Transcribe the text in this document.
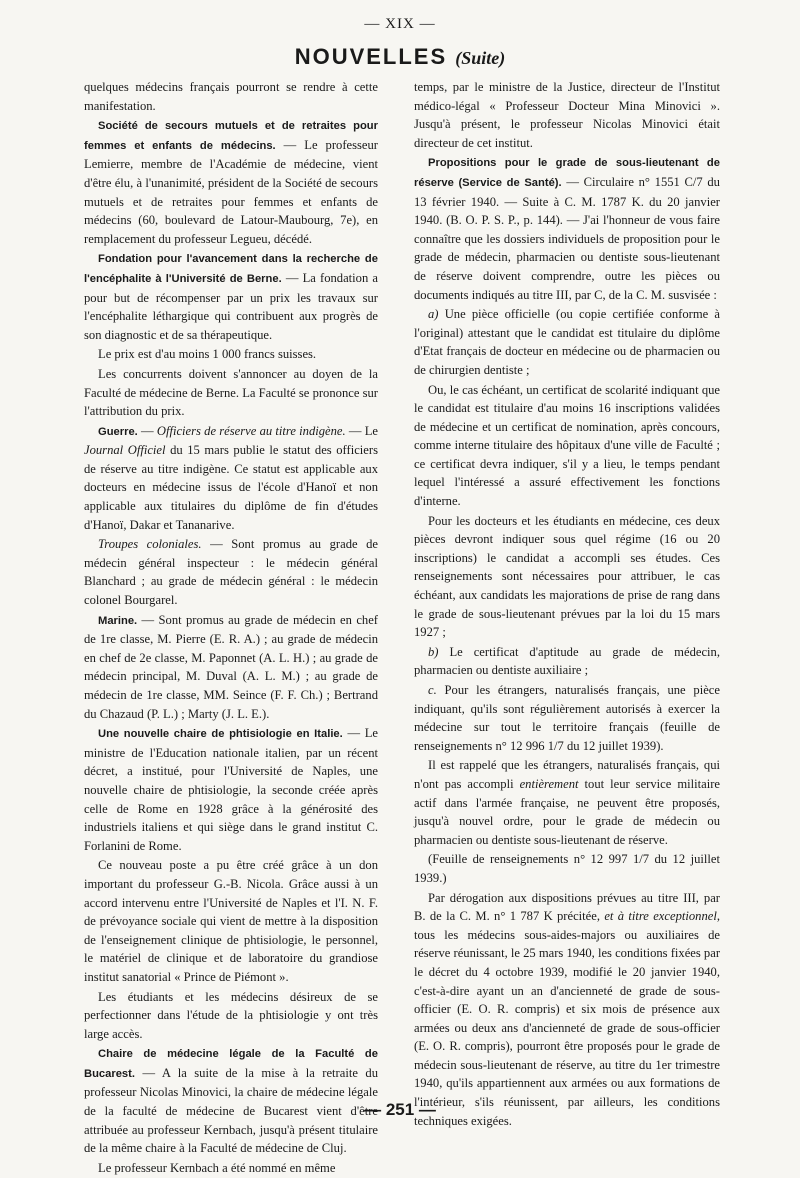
— XIX —
NOUVELLES (Suite)

quelques médecins français pourront se rendre à cette manifestation.

Société de secours mutuels et de retraites pour femmes et enfants de médecins. — Le professeur Lemierre, membre de l'Académie de médecine, vient d'être élu, à l'unanimité, président de la Société de secours mutuels et de retraites pour femmes et enfants de médecins (60, boulevard de Latour-Maubourg, 7e), en remplacement du professeur Legueu, décédé.

Fondation pour l'avancement dans la recherche de l'encéphalite à l'Université de Berne. — La fondation a pour but de récompenser par un prix les travaux sur l'encéphalite léthargique qui contribuent aux progrès de son diagnostic et de sa thérapeutique.

Le prix est d'au moins 1 000 francs suisses.

Les concurrents doivent s'annoncer au doyen de la Faculté de médecine de Berne. La Faculté se prononce sur l'attribution du prix.

Guerre. — Officiers de réserve au titre indigène. — Le Journal Officiel du 15 mars publie le statut des officiers de réserve au titre indigène. Ce statut est applicable aux docteurs en médecine issus de l'école d'Hanoï et non applicable aux titulaires du diplôme de fin d'études d'Hanoï, Dakar et Tananarive.

Troupes coloniales. — Sont promus au grade de médecin général inspecteur : le médecin général Blanchard ; au grade de médecin général : le médecin colonel Bourgarel.

Marine. — Sont promus au grade de médecin en chef de 1re classe, M. Pierre (E. R. A.) ; au grade de médecin en chef de 2e classe, M. Paponnet (A. L. H.) ; au grade de médecin principal, M. Duval (A. L. M.) ; au grade de médecin de 1re classe, MM. Seince (F. F. Ch.) ; Bertrand du Chazaud (P. L.) ; Marty (J. L. E.).

Une nouvelle chaire de phtisiologie en Italie. — Le ministre de l'Education nationale italien, par un récent décret, a institué, pour l'Université de Naples, une nouvelle chaire de phtisiologie, la seconde créée après celle de Rome en 1928 grâce à la générosité des industriels italiens et qui siège dans le grand institut C. Forlanini de Rome.

Ce nouveau poste a pu être créé grâce à un don important du professeur G.-B. Nicola. Grâce aussi à un accord intervenu entre l'Université de Naples et l'I. N. F. de prévoyance sociale qui vient de mettre à la disposition de l'enseignement clinique de phtisiologie, le personnel, le matériel de clinique et de laboratoire du grandiose institut sanatorial « Prince de Piémont ».

Les étudiants et les médecins désireux de se perfectionner dans l'étude de la phtisiologie y ont très large accès.

Chaire de médecine légale de la Faculté de Bucarest. — A la suite de la mise à la retraite du professeur Nicolas Minovici, la chaire de médecine légale de la faculté de médecine de Bucarest vient d'être attribuée au professeur Kernbach, jusqu'à présent titulaire de la même chaire à la Faculté de médecine de Cluj.

Le professeur Kernbach a été nommé en même

temps, par le ministre de la Justice, directeur de l'Institut médico-légal « Professeur Docteur Mina Minovici ». Jusqu'à présent, le professeur Nicolas Minovici était directeur de cet institut.

Propositions pour le grade de sous-lieutenant de réserve (Service de Santé). — Circulaire n° 1551 C/7 du 13 février 1940. — Suite à C. M. 1787 K. du 20 janvier 1940. (B. O. P. S. P., p. 144). — J'ai l'honneur de vous faire connaître que les dossiers individuels de proposition pour le grade de médecin, pharmacien ou dentiste sous-lieutenant de réserve doivent comprendre, outre les pièces ou documents indiqués au titre III, par C, de la C. M. susvisée :

a) Une pièce officielle (ou copie certifiée conforme à l'original) attestant que le candidat est titulaire du diplôme d'Etat français de docteur en médecine ou de pharmacien ou de chirurgien dentiste ;

Ou, le cas échéant, un certificat de scolarité indiquant que le candidat est titulaire d'au moins 16 inscriptions validées de médecine et un certificat de nomination, après concours, comme interne titulaire des hôpitaux d'une ville de Faculté ; ce certificat devra indiquer, s'il y a lieu, le temps pendant lequel l'intéressé a assuré effectivement les fonctions d'interne.

Pour les docteurs et les étudiants en médecine, ces deux pièces devront indiquer sous quel régime (16 ou 20 inscriptions) le candidat a accompli ses études. Ces renseignements sont nécessaires pour attribuer, le cas échéant, aux candidats les majorations de prise de rang dans le grade de sous-lieutenant prévues par la loi du 15 mars 1927 ;

b) Le certificat d'aptitude au grade de médecin, pharmacien ou dentiste auxiliaire ;

c. Pour les étrangers, naturalisés français, une pièce indiquant, qu'ils sont régulièrement autorisés à exercer la médecine sur tout le territoire français (feuille de renseignements n° 12 996 1/7 du 12 juillet 1939).

Il est rappelé que les étrangers, naturalisés français, qui n'ont pas accompli entièrement tout leur service militaire actif dans l'armée française, ne peuvent être proposés, jusqu'à nouvel ordre, pour le grade de médecin ou pharmacien ou dentiste sous-lieutenant de réserve.

(Feuille de renseignements n° 12 997 1/7 du 12 juillet 1939.)

Par dérogation aux dispositions prévues au titre III, par B. de la C. M. n° 1 787 K précitée, et à titre exceptionnel, tous les médecins sous-aides-majors ou auxiliaires de réserve réunissant, le 25 mars 1940, les conditions fixées par le décret du 4 octobre 1939, modifié le 20 janvier 1940, c'est-à-dire ayant un an d'ancienneté de grade de sous-officier (E. O. R. compris) et six mois de présence aux armées ou deux ans d'ancienneté de grade de sous-officier (E. O. R. compris), pourront être proposés pour le grade de médecin sous-lieutenant de réserve, au titre du 1er trimestre 1940, qu'ils appartiennent aux armées ou aux formations de l'intérieur, s'ils réunissent, par ailleurs, les conditions techniques exigées.

— 251 —
